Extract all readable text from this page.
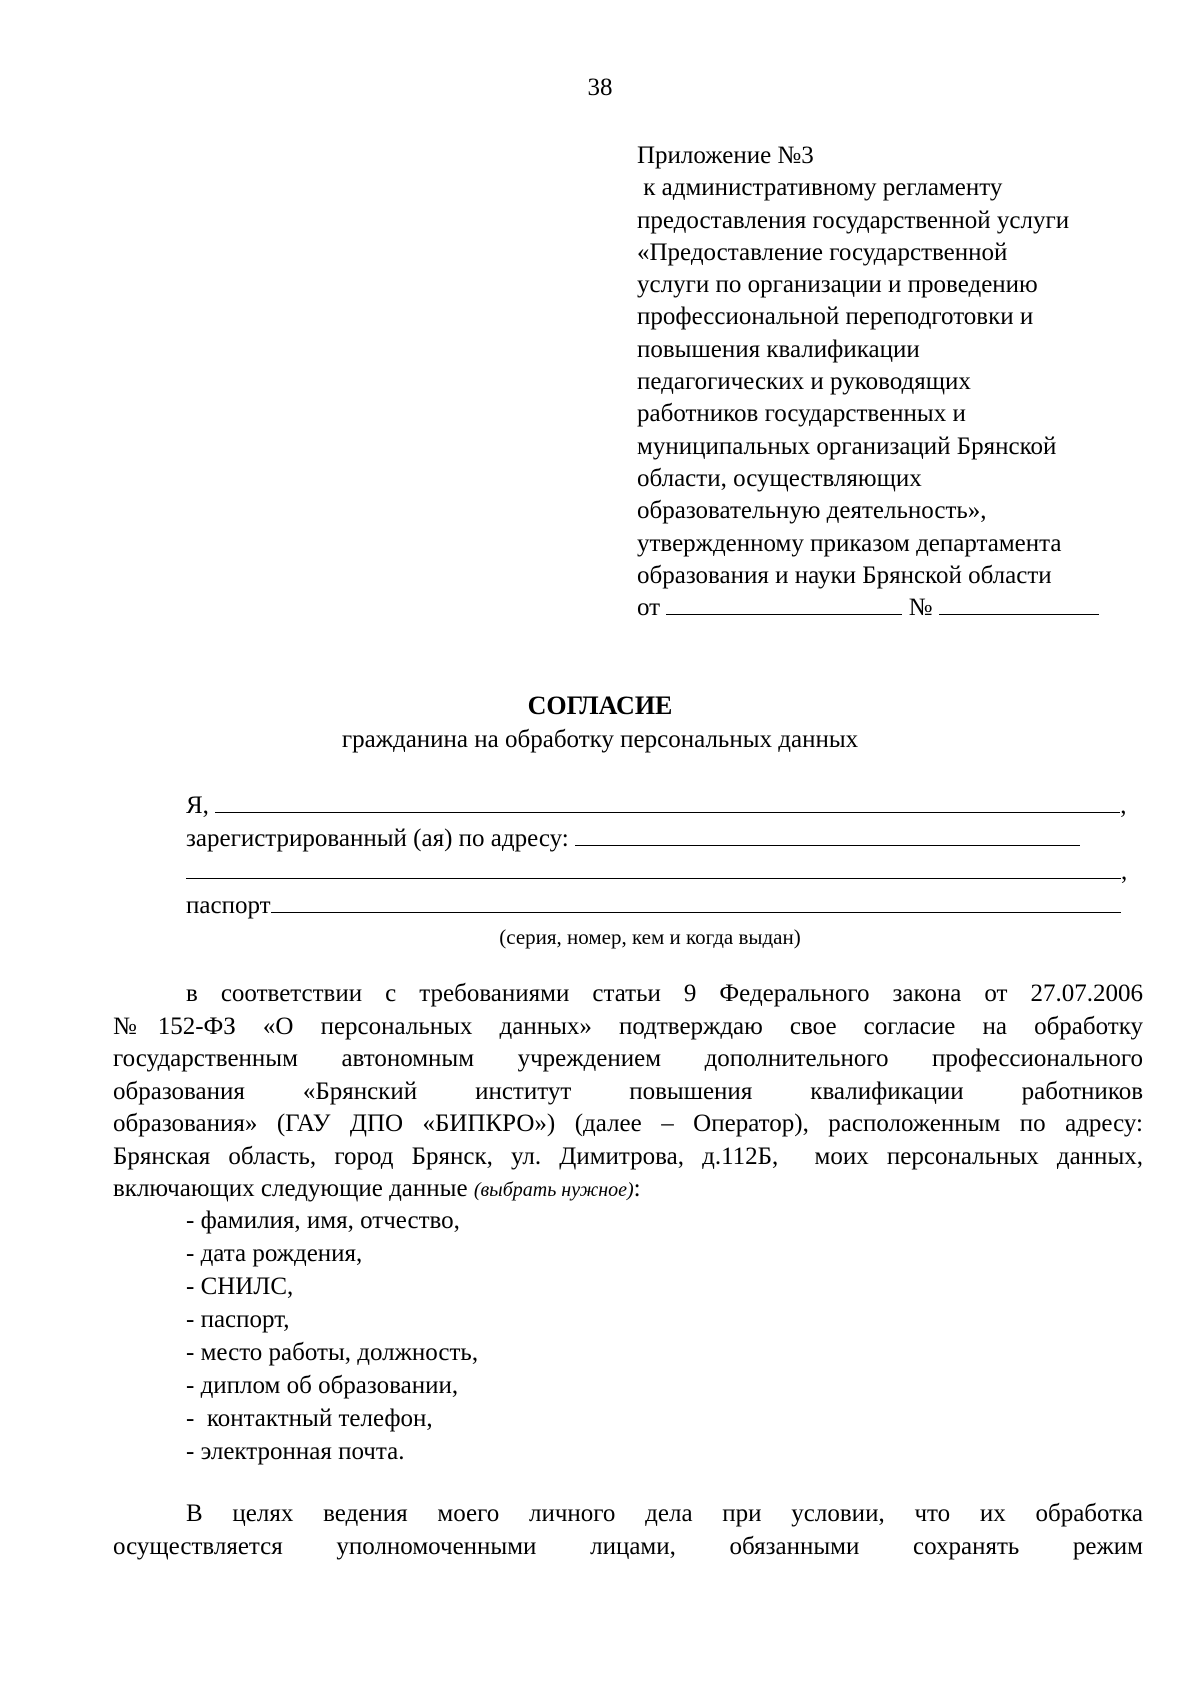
38
Приложение №3
к административному регламенту
предоставления государственной услуги
«Предоставление государственной
услуги по организации и проведению
профессиональной переподготовки и
повышения квалификации
педагогических и руководящих
работников государственных и
муниципальных организаций Брянской
области, осуществляющих
образовательную деятельность»,
утвержденному приказом департамента
образования и науки Брянской области
от	№
СОГЛАСИЕ
гражданина на обработку персональных данных
Я,	,
зарегистрированный (ая) по адресу:
,
паспорт
(серия, номер, кем и когда выдан)
в соответствии с требованиями статьи 9 Федерального закона от 27.07.2006
№152-ФЗ «О персональных данных» подтверждаю свое согласие на обработку
государственным автономным учреждением дополнительного профессионального
образования «Брянский институт повышения квалификации работников
образования» (ГАУ ДПО «БИПКРО») (далее – Оператор), расположенным по адресу:
Брянская область, город Брянск, ул. Димитрова, д.112Б,  моих персональных данных,
включающих следующие данные (выбрать нужное):
- фамилия, имя, отчество,
- дата рождения,
- СНИЛС,
- паспорт,
- место работы, должность,
- диплом об образовании,
-  контактный телефон,
- электронная почта.
В целях ведения моего личного дела при условии, что их обработка
осуществляется уполномоченными лицами, обязанными сохранять режим
